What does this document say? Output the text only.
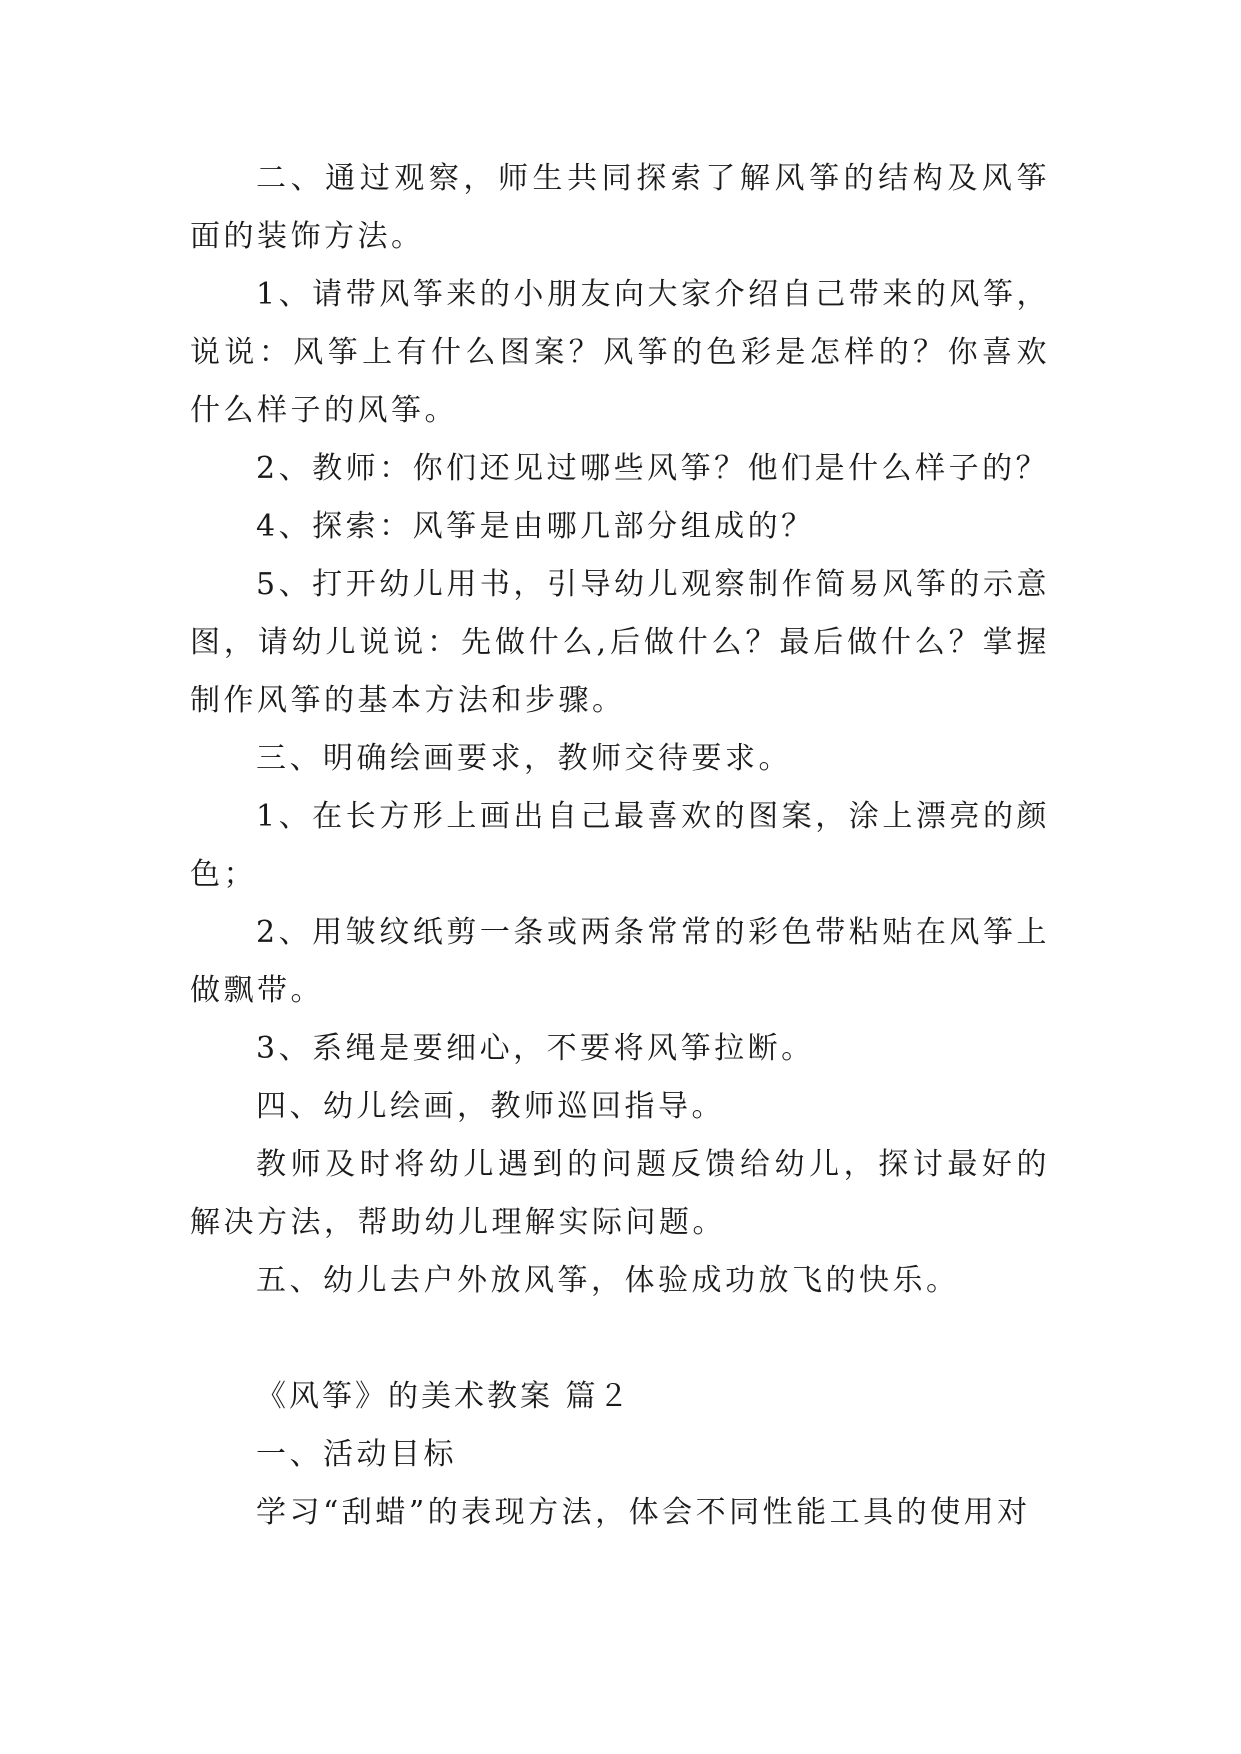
二、通过观察，师生共同探索了解风筝的结构及风筝面的装饰方法。

1、请带风筝来的小朋友向大家介绍自己带来的风筝，说说：风筝上有什么图案？风筝的色彩是怎样的？你喜欢什么样子的风筝。

2、教师：你们还见过哪些风筝？他们是什么样子的？

4、探索：风筝是由哪几部分组成的？

5、打开幼儿用书，引导幼儿观察制作简易风筝的示意图，请幼儿说说：先做什么,后做什么？最后做什么？掌握制作风筝的基本方法和步骤。

三、明确绘画要求，教师交待要求。

1、在长方形上画出自己最喜欢的图案，涂上漂亮的颜色；

2、用皱纹纸剪一条或两条常常的彩色带粘贴在风筝上做飘带。

3、系绳是要细心，不要将风筝拉断。

四、幼儿绘画，教师巡回指导。

教师及时将幼儿遇到的问题反馈给幼儿，探讨最好的解决方法，帮助幼儿理解实际问题。

五、幼儿去户外放风筝，体验成功放飞的快乐。

《风筝》的美术教案 篇２

一、活动目标

学习“刮蜡”的表现方法，体会不同性能工具的使用对
